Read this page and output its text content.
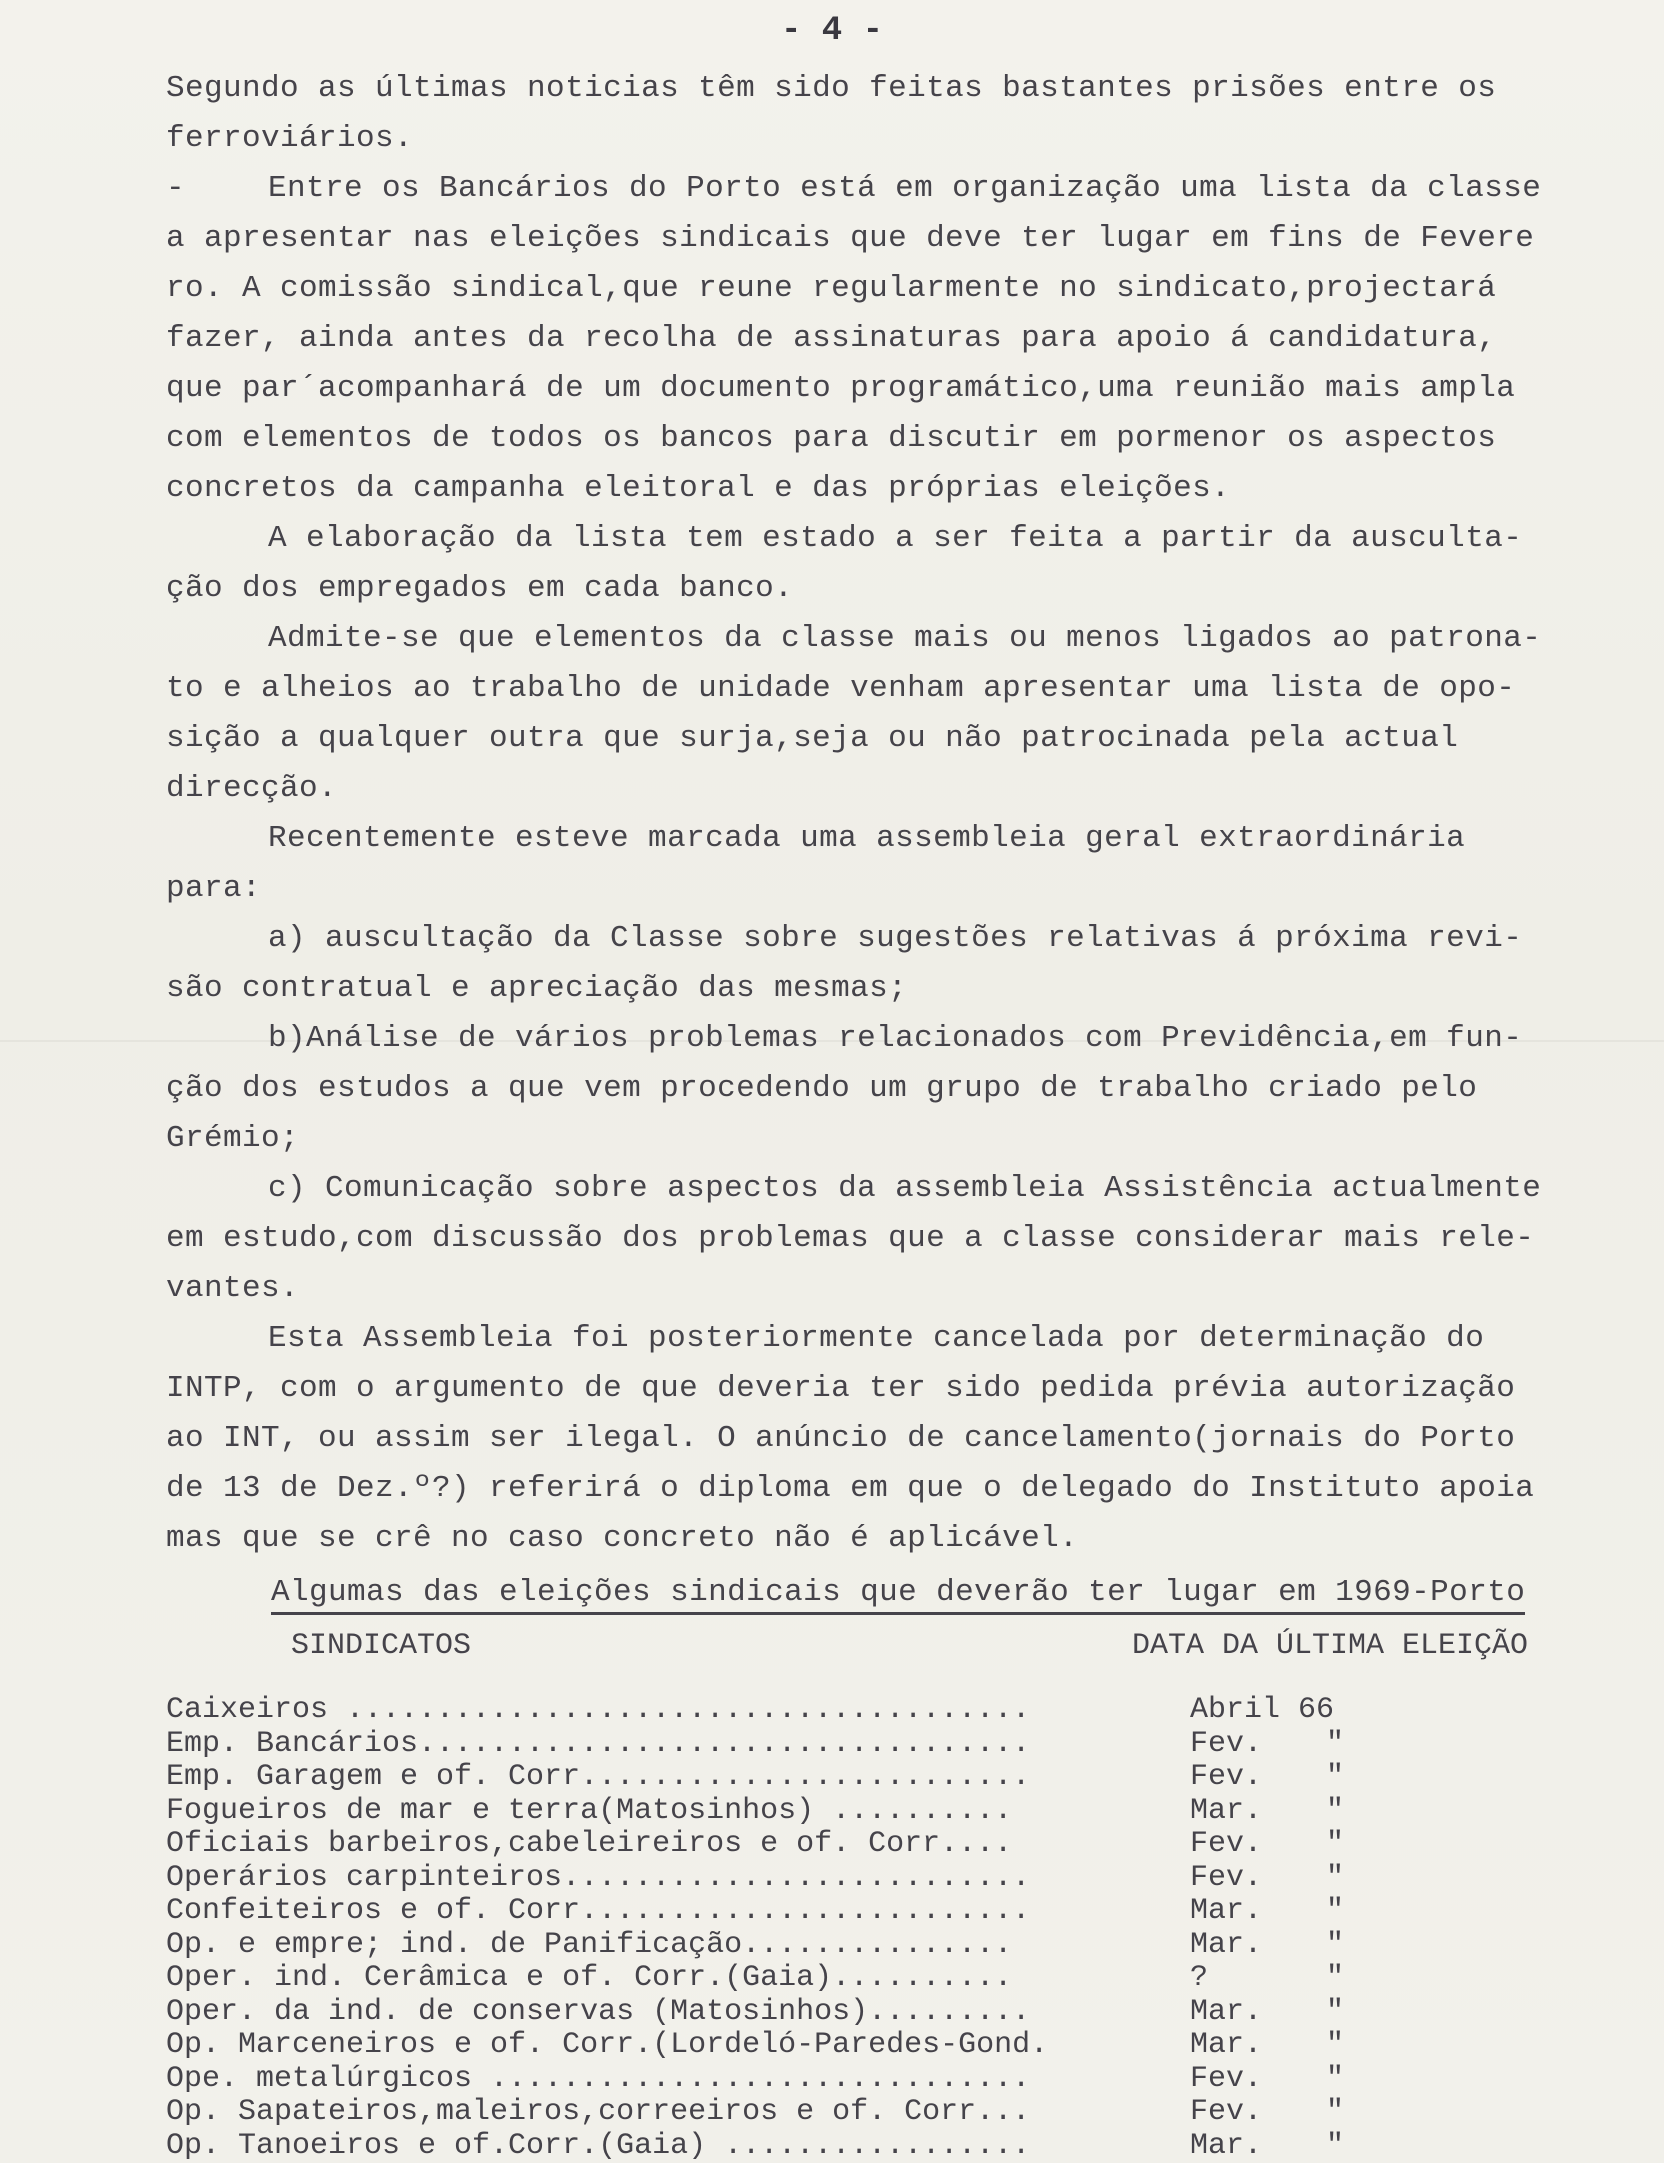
- 4 -
Segundo as últimas noticias têm sido feitas bastantes prisões entre os
ferroviários.
-	Entre os Bancários do Porto está em organização uma lista da classe
a apresentar nas eleições sindicais que deve ter lugar em fins de Fevere
ro. A comissão sindical,que reune regularmente no sindicato,projectará
fazer, ainda antes da recolha de assinaturas para apoio á candidatura,
que par´acompanhará de um documento programático,uma reunião mais ampla
com elementos de todos os bancos para discutir em pormenor os aspectos
concretos da campanha eleitoral e das próprias eleições.
A elaboração da lista tem estado a ser feita a partir da ausculta-
ção dos empregados em cada banco.
Admite-se que elementos da classe mais ou menos ligados ao patrona-
to e alheios ao trabalho de unidade venham apresentar uma lista de opo-
sição a qualquer outra que surja,seja ou não patrocinada pela actual
direcção.
Recentemente esteve marcada uma assembleia geral extraordinária
para:
a) auscultação da Classe sobre sugestões relativas á próxima revi-
são contratual e apreciação das mesmas;
b)Análise de vários problemas relacionados com Previdência,em fun-
ção dos estudos a que vem procedendo um grupo de trabalho criado pelo
Grémio;
c) Comunicação sobre aspectos da assembleia Assistência actualmente
em estudo,com discussão dos problemas que a classe considerar mais rele-
vantes.
Esta Assembleia foi posteriormente cancelada por determinação do
INTP, com o argumento de que deveria ter sido pedida prévia autorização
ao INT, ou assim ser ilegal. O anúncio de cancelamento(jornais do Porto
de 13 de Dez.º?) referirá o diploma em que o delegado do Instituto apoia
mas que se crê no caso concreto não é aplicável.
Algumas das eleições sindicais que deverão ter lugar em 1969-Porto
SINDICATOS	DATA DA ÚLTIMA ELEIÇÃO
Caixeiros ......................................	Abril 66
Emp. Bancários..................................	Fev. "
Emp. Garagem e of. Corr.........................	Fev. "
Fogueiros de mar e terra(Matosinhos) ..........	Mar. "
Oficiais barbeiros,cabeleireiros e of. Corr....	Fev. "
Operários carpinteiros..........................	Fev. "
Confeiteiros e of. Corr.........................	Mar. "
Op. e empre; ind. de Panificação...............	Mar. "
Oper. ind. Cerâmica e of. Corr.(Gaia)..........	?	"
Oper. da ind. de conservas (Matosinhos).........	Mar. "
Op. Marceneiros e of. Corr.(Lordeló-Paredes-Gond.	Mar. "
Ope. metalúrgicos ..............................	Fev. "
Op. Sapateiros,maleiros,correeiros e of. Corr...	Fev. "
Op. Tanoeiros e of.Corr.(Gaia) .................	Mar. "
